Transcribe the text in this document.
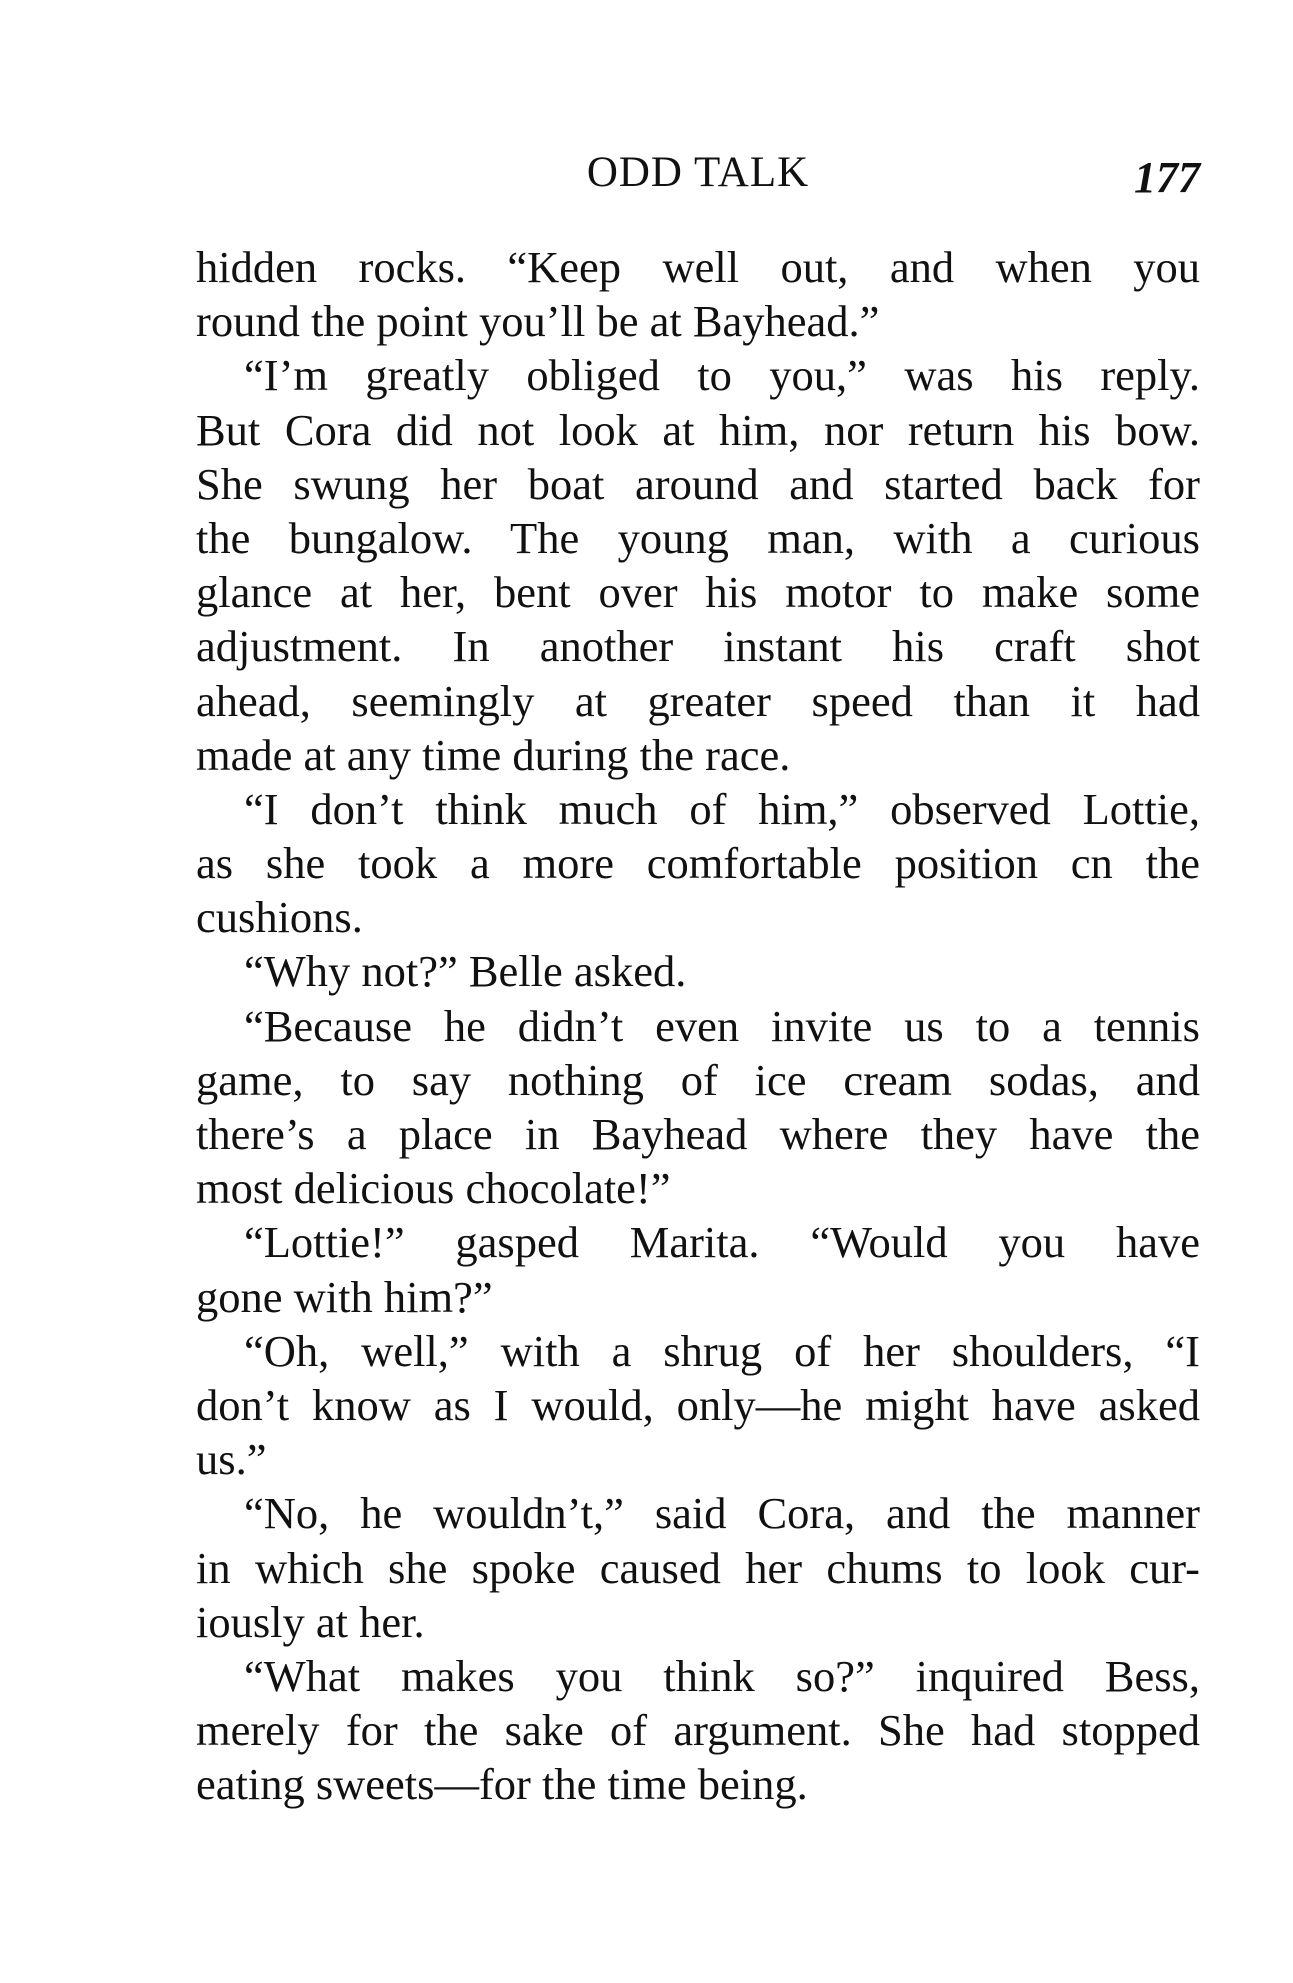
ODD TALK	177
hidden rocks. “Keep well out, and when you
round the point you’ll be at Bayhead.”
“I’m greatly obliged to you,” was his reply.
But Cora did not look at him, nor return his bow.
She swung her boat around and started back for
the bungalow. The young man, with a curious
glance at her, bent over his motor to make some
adjustment. In another instant his craft shot
ahead, seemingly at greater speed than it had
made at any time during the race.
“I don’t think much of him,” observed Lottie,
as she took a more comfortable position cn the
cushions.
“Why not?” Belle asked.
“Because he didn’t even invite us to a tennis
game, to say nothing of ice cream sodas, and
there’s a place in Bayhead where they have the
most delicious chocolate!”
“Lottie!” gasped Marita. “Would you have
gone with him?”
“Oh, well,” with a shrug of her shoulders, “I
don’t know as I would, only—he might have asked
us.”
“No, he wouldn’t,” said Cora, and the manner
in which she spoke caused her chums to look cur-
iously at her.
“What makes you think so?” inquired Bess,
merely for the sake of argument. She had stopped
eating sweets—for the time being.
